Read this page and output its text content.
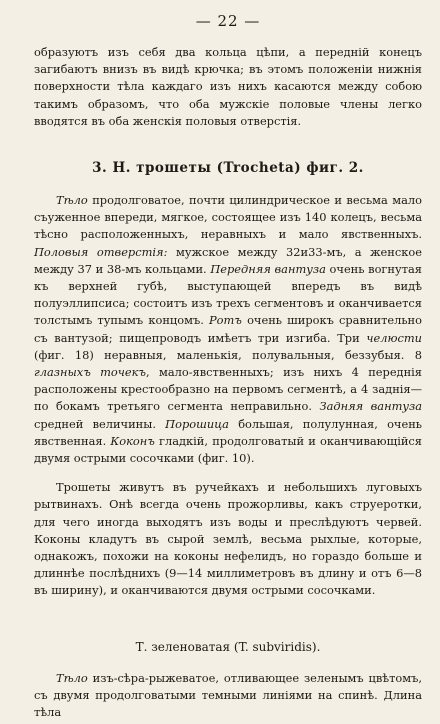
— 22 —

образуютъ изъ себя два кольца цѣпи, а передній конецъ загибаютъ внизъ въ видѣ крючка; въ этомъ положеніи нижнія поверхности тѣла каждаго изъ нихъ касаются между собою такимъ образомъ, что оба мужскіе половые члены легко вводятся въ оба женскія половыя отверстія.

3. Н. трошеты (Trocheta) фиг. 2.

Тѣло продолговатое, почти цилиндрическое и весьма мало съуженное впереди, мягкое, состоящее изъ 140 колецъ, весьма тѣсно расположенныхъ, неравныхъ и мало явственныхъ. Половыя отверстія: мужское между 32и33-мъ, а женское между 37 и 38-мъ кольцами. Передняя вантуза очень вогнутая къ верхней губѣ, выступающей впередъ въ видѣ полуэллипсиса; состоитъ изъ трехъ сегментовъ и оканчивается толстымъ тупымъ концомъ. Ротъ очень широкъ сравнительно съ вантузой; пищепроводъ имѣетъ три изгиба. Три челюсти (фиг. 18) неравныя, маленькія, полувальныя, беззубыя. 8 глазныхъ точекъ, мало-явственныхъ; изъ нихъ 4 переднія расположены крестообразно на первомъ сегментѣ, а 4 заднія—по бокамъ третьяго сегмента неправильно. Задняя вантуза средней величины. Порошица большая, полулунная, очень явственная. Коконъ гладкій, продолговатый и оканчивающійся двумя острыми сосочками (фиг. 10).

Трошеты живутъ въ ручейкахъ и небольшихъ луговыхъ рытвинахъ. Онѣ всегда очень прожорливы, какъ струеротки, для чего иногда выходятъ изъ воды и преслѣдуютъ червей. Коконы кладутъ въ сырой землѣ, весьма рыхлые, которые, однакожъ, похожи на коконы нефелидъ, но гораздо больше и длиннѣе послѣднихъ (9—14 миллиметровъ въ длину и отъ 6—8 въ ширину), и оканчиваются двумя острыми сосочками.

Т. зеленоватая (T. subviridis).

Тѣло изъ-сѣра-рыжеватое, отливающее зеленымъ цвѣтомъ, съ двумя продолговатыми темными линіями на спинѣ. Длина тѣла
